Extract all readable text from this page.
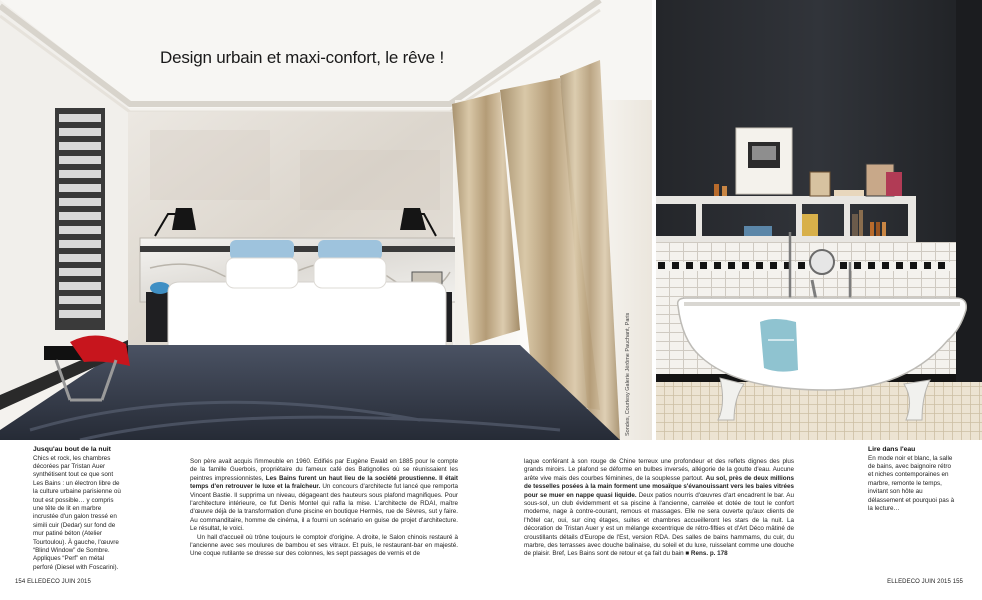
Design urbain et maxi-confort, le rêve !
Sondes, Courtesy Galerie Jérôme Pauchant, Paris

Jusqu'au bout de la nuit

Chics et rock, les chambres décorées par Tristan Auer synthétisent tout ce que sont Les Bains : un électron libre de la culture urbaine parisienne où tout est possible… y compris une tête de lit en marbre incrustée d'un galon tressé en simili cuir (Dedar) sur fond de mur patiné béton (Atelier Tourtoulou). À gauche, l'œuvre “Blind Window” de Sombre. Appliques “Perf” en métal perforé (Diesel with Foscarini).

Son père avait acquis l'immeuble en 1960. Edifiés par Eugène Ewald en 1885 pour le compte de la famille Guerbois, propriétaire du fameux café des Batignolles où se réunissaient les peintres impressionnistes, Les Bains furent un haut lieu de la société proustienne. Il était temps d'en retrouver le luxe et la fraîcheur. Un concours d'architecte fut lancé que remporta Vincent Bastie. Il supprima un niveau, dégageant des hauteurs sous plafond magnifiques. Pour l'architecture intérieure, ce fut Denis Montel qui rafla la mise. L'architecte de RDAI, maître d'œuvre déjà de la transformation d'une piscine en boutique Hermès, rue de Sèvres, sut y faire. Au commanditaire, homme de cinéma, il a fourni un scénario en guise de projet d'architecture. Le résultat, le voici.

Un hall d'accueil où trône toujours le comptoir d'origine. A droite, le Salon chinois restauré à l'ancienne avec ses moulures de bambou et ses vitraux. Et puis, le restaurant-bar en majesté. Une coque rutilante se dresse sur des colonnes, les sept passages de vernis et de

laque conférant à son rouge de Chine terreux une profondeur et des reflets dignes des plus grands miroirs. Le plafond se déforme en bulbes inversés, allégorie de la goutte d'eau. Aucune arête vive mais des courbes féminines, de la souplesse partout. Au sol, près de deux millions de tesselles posées à la main forment une mosaïque s'évanouissant vers les baies vitrées pour se muer en nappe quasi liquide. Deux patios nourris d'œuvres d'art encadrent le bar. Au sous-sol, un club évidemment et sa piscine à l'ancienne, carrelée et dotée de tout le confort moderne, nage à contre-courant, remous et massages. Elle ne sera ouverte qu'aux clients de l'hôtel car, oui, sur cinq étages, suites et chambres accueilleront les stars de la nuit. La décoration de Tristan Auer y est un mélange excentrique de rétro-fifties et d'Art Déco mâtiné de croustillants détails d'Europe de l'Est, version RDA. Des salles de bains hammams, du cuir, du marbre, des terrasses avec douche balinaise, du soleil et du luxe, ruisselant comme une douche de plaisir. Bref, Les Bains sont de retour et ça fait du bain ■ Rens. p. 178

Lire dans l'eau

En mode noir et blanc, la salle de bains, avec baignoire rétro et niches contemporaines en marbre, remonte le temps, invitant son hôte au délassement et pourquoi pas à la lecture…

154 ELLEDECO JUIN 2015	ELLEDECO JUIN 2015 155
